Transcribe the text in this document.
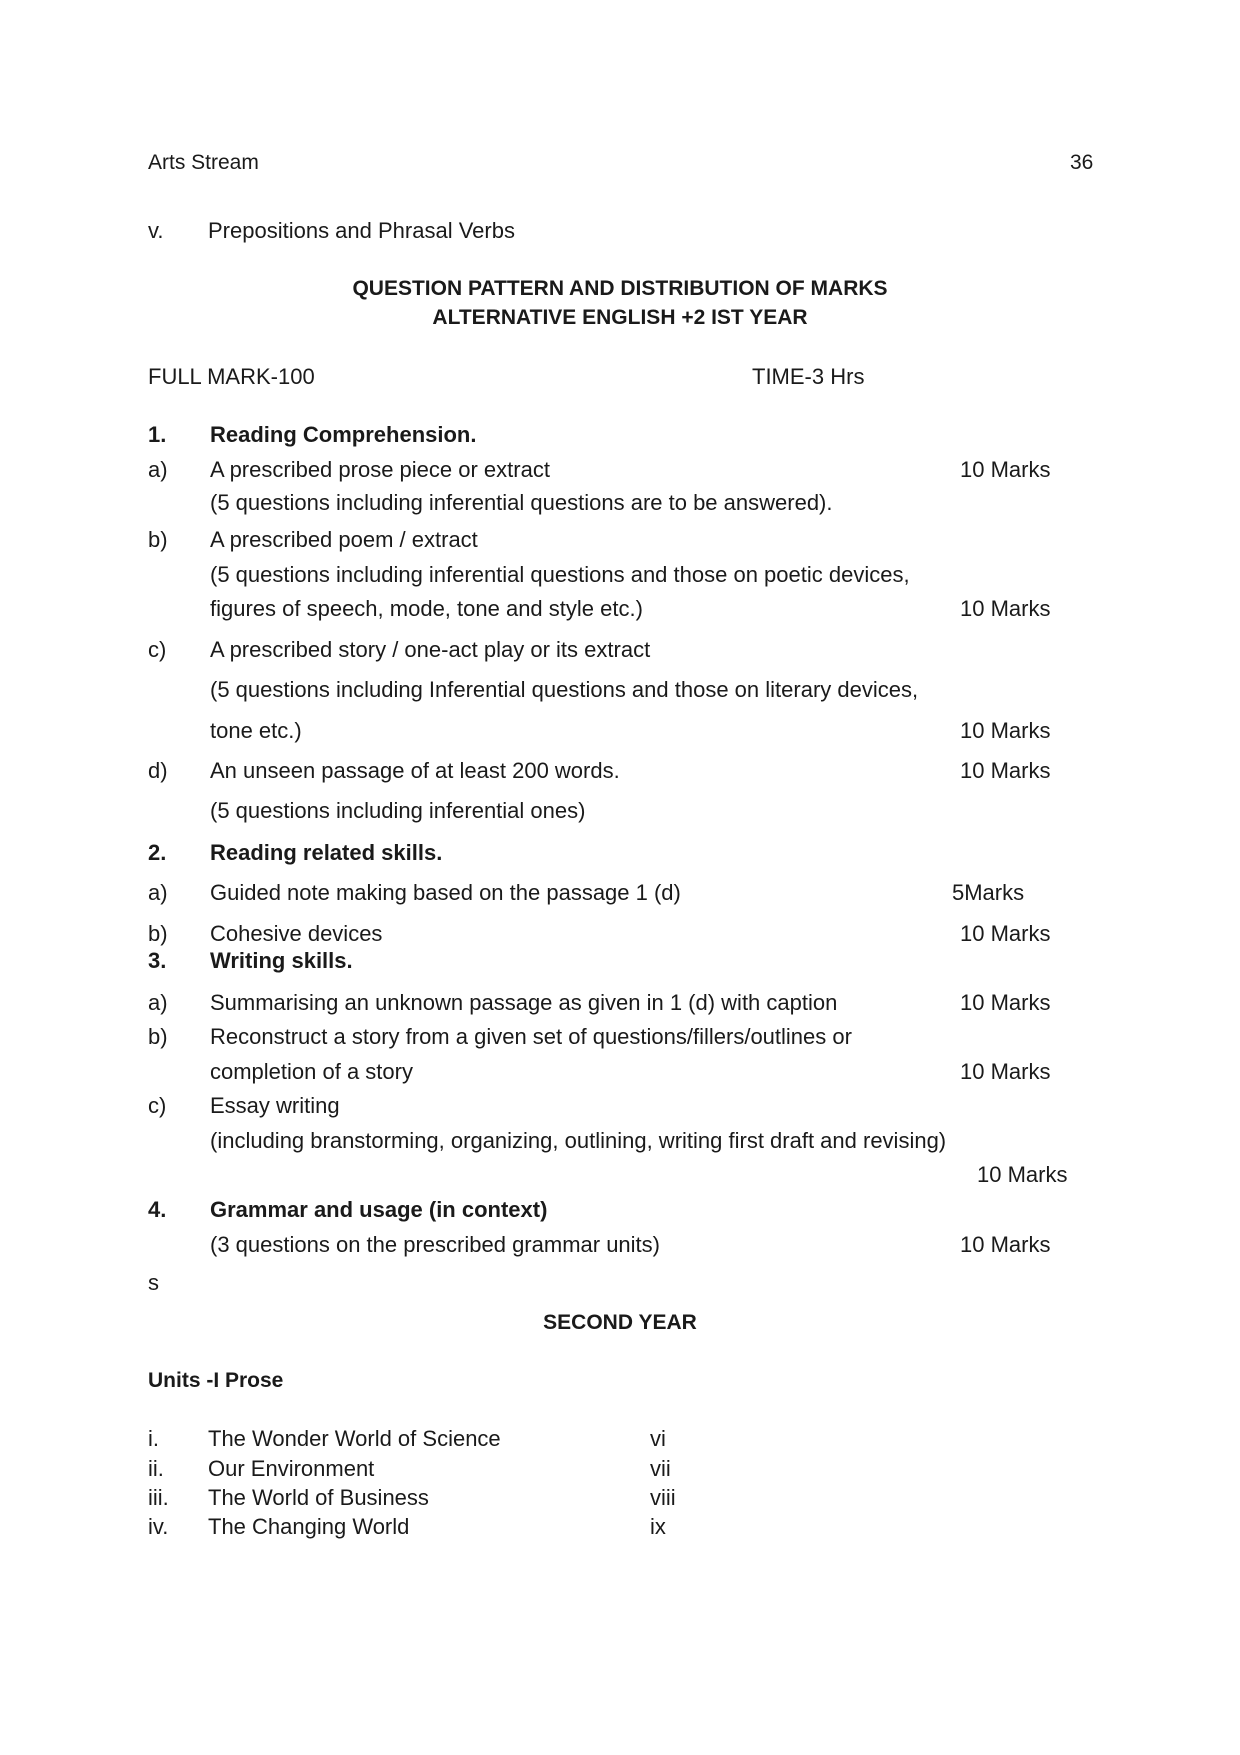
Arts Stream	36
v. Prepositions and Phrasal Verbs
QUESTION PATTERN AND DISTRIBUTION OF MARKS
ALTERNATIVE ENGLISH +2 IST YEAR
FULL MARK-100	TIME-3 Hrs
1. Reading Comprehension.
a) A prescribed prose piece or extract	10 Marks
(5 questions including inferential questions are to be answered).
b) A prescribed poem / extract
(5 questions including inferential questions and those on poetic devices,
figures of speech, mode, tone and style etc.)	10 Marks
c) A prescribed story / one-act play or its extract
(5 questions including Inferential questions and those on literary devices,
tone etc.)	10 Marks
d) An unseen passage of at least 200 words.	10 Marks
(5 questions including inferential ones)
2. Reading related skills.
a) Guided note making based on the passage 1 (d)	5Marks
b) Cohesive devices	10 Marks
3. Writing skills.
a) Summarising an unknown passage as given in 1 (d) with caption	10 Marks
b) Reconstruct a story from a given set of questions/fillers/outlines or
completion of a story	10 Marks
c) Essay writing
(including branstorming, organizing, outlining, writing first draft and revising)
10 Marks
4. Grammar and usage (in context)
(3 questions on the prescribed grammar units)	10 Marks
s
SECOND YEAR
Units -I Prose
i. The Wonder World of Science	vi
ii. Our Environment	vii
iii. The World of Business	viii
iv. The Changing World	ix
